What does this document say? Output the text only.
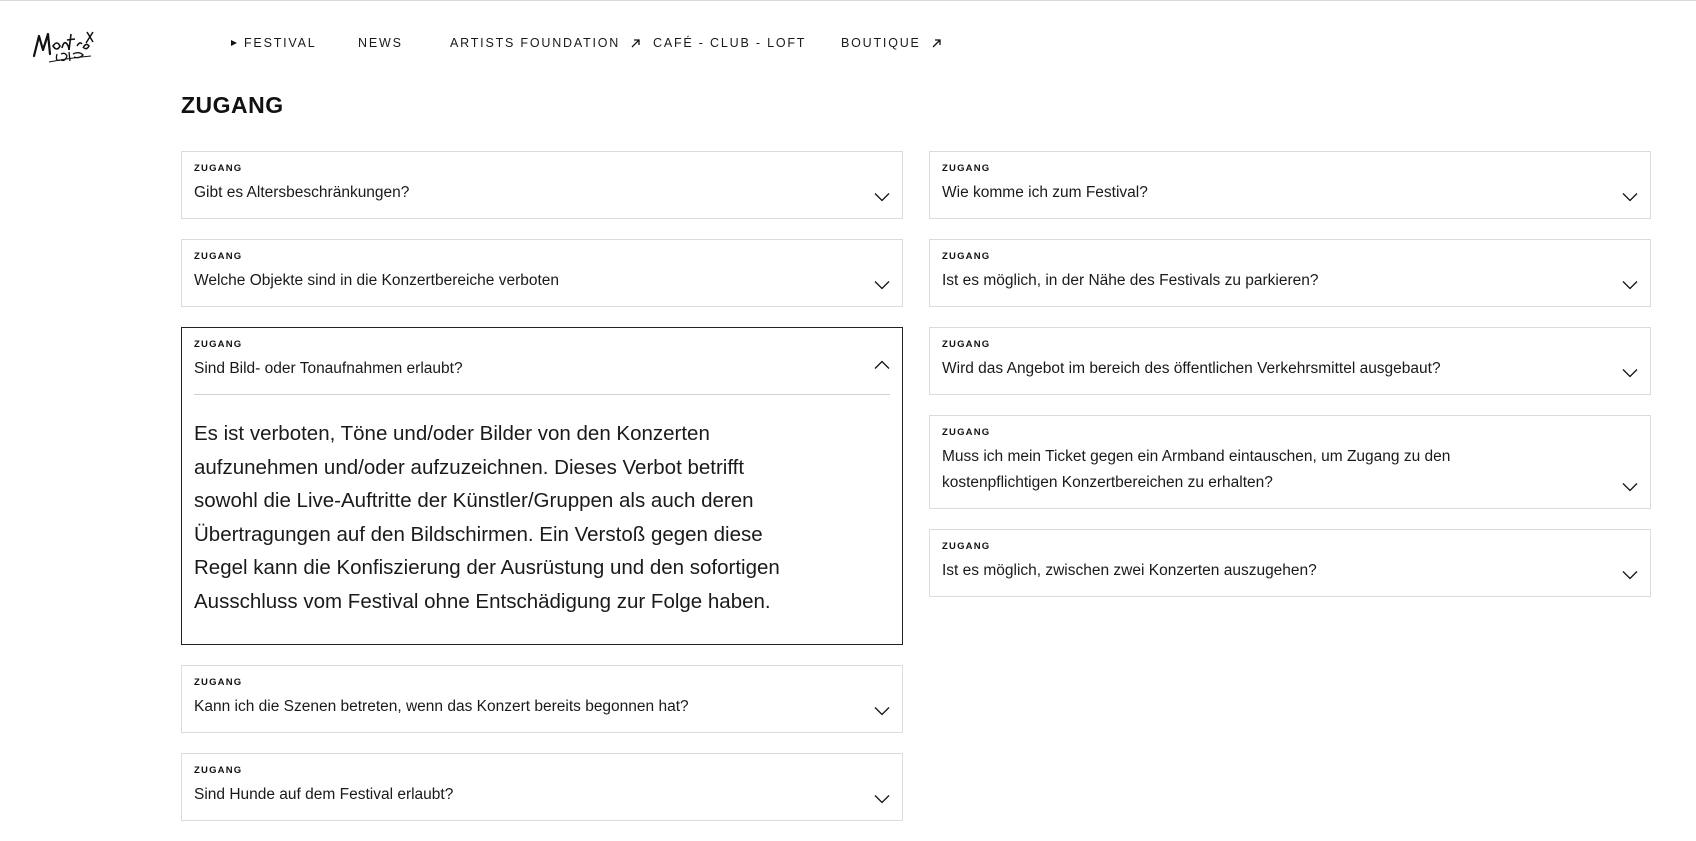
FESTIVAL	NEWS	ARTISTS FOUNDATION	CAFÉ - CLUB - LOFT	BOUTIQUE
ZUGANG
ZUGANG
Gibt es Altersbeschränkungen?
ZUGANG
Welche Objekte sind in die Konzertbereiche verboten
ZUGANG
Sind Bild- oder Tonaufnahmen erlaubt?
Es ist verboten, Töne und/oder Bilder von den Konzerten aufzunehmen und/oder aufzuzeichnen. Dieses Verbot betrifft sowohl die Live-Auftritte der Künstler/Gruppen als auch deren Übertragungen auf den Bildschirmen. Ein Verstoß gegen diese Regel kann die Konfiszierung der Ausrüstung und den sofortigen Ausschluss vom Festival ohne Entschädigung zur Folge haben.
ZUGANG
Kann ich die Szenen betreten, wenn das Konzert bereits begonnen hat?
ZUGANG
Sind Hunde auf dem Festival erlaubt?
ZUGANG
Wie komme ich zum Festival?
ZUGANG
Ist es möglich, in der Nähe des Festivals zu parkieren?
ZUGANG
Wird das Angebot im bereich des öffentlichen Verkehrsmittel ausgebaut?
ZUGANG
Muss ich mein Ticket gegen ein Armband eintauschen, um Zugang zu den kostenpflichtigen Konzertbereichen zu erhalten?
ZUGANG
Ist es möglich, zwischen zwei Konzerten auszugehen?
